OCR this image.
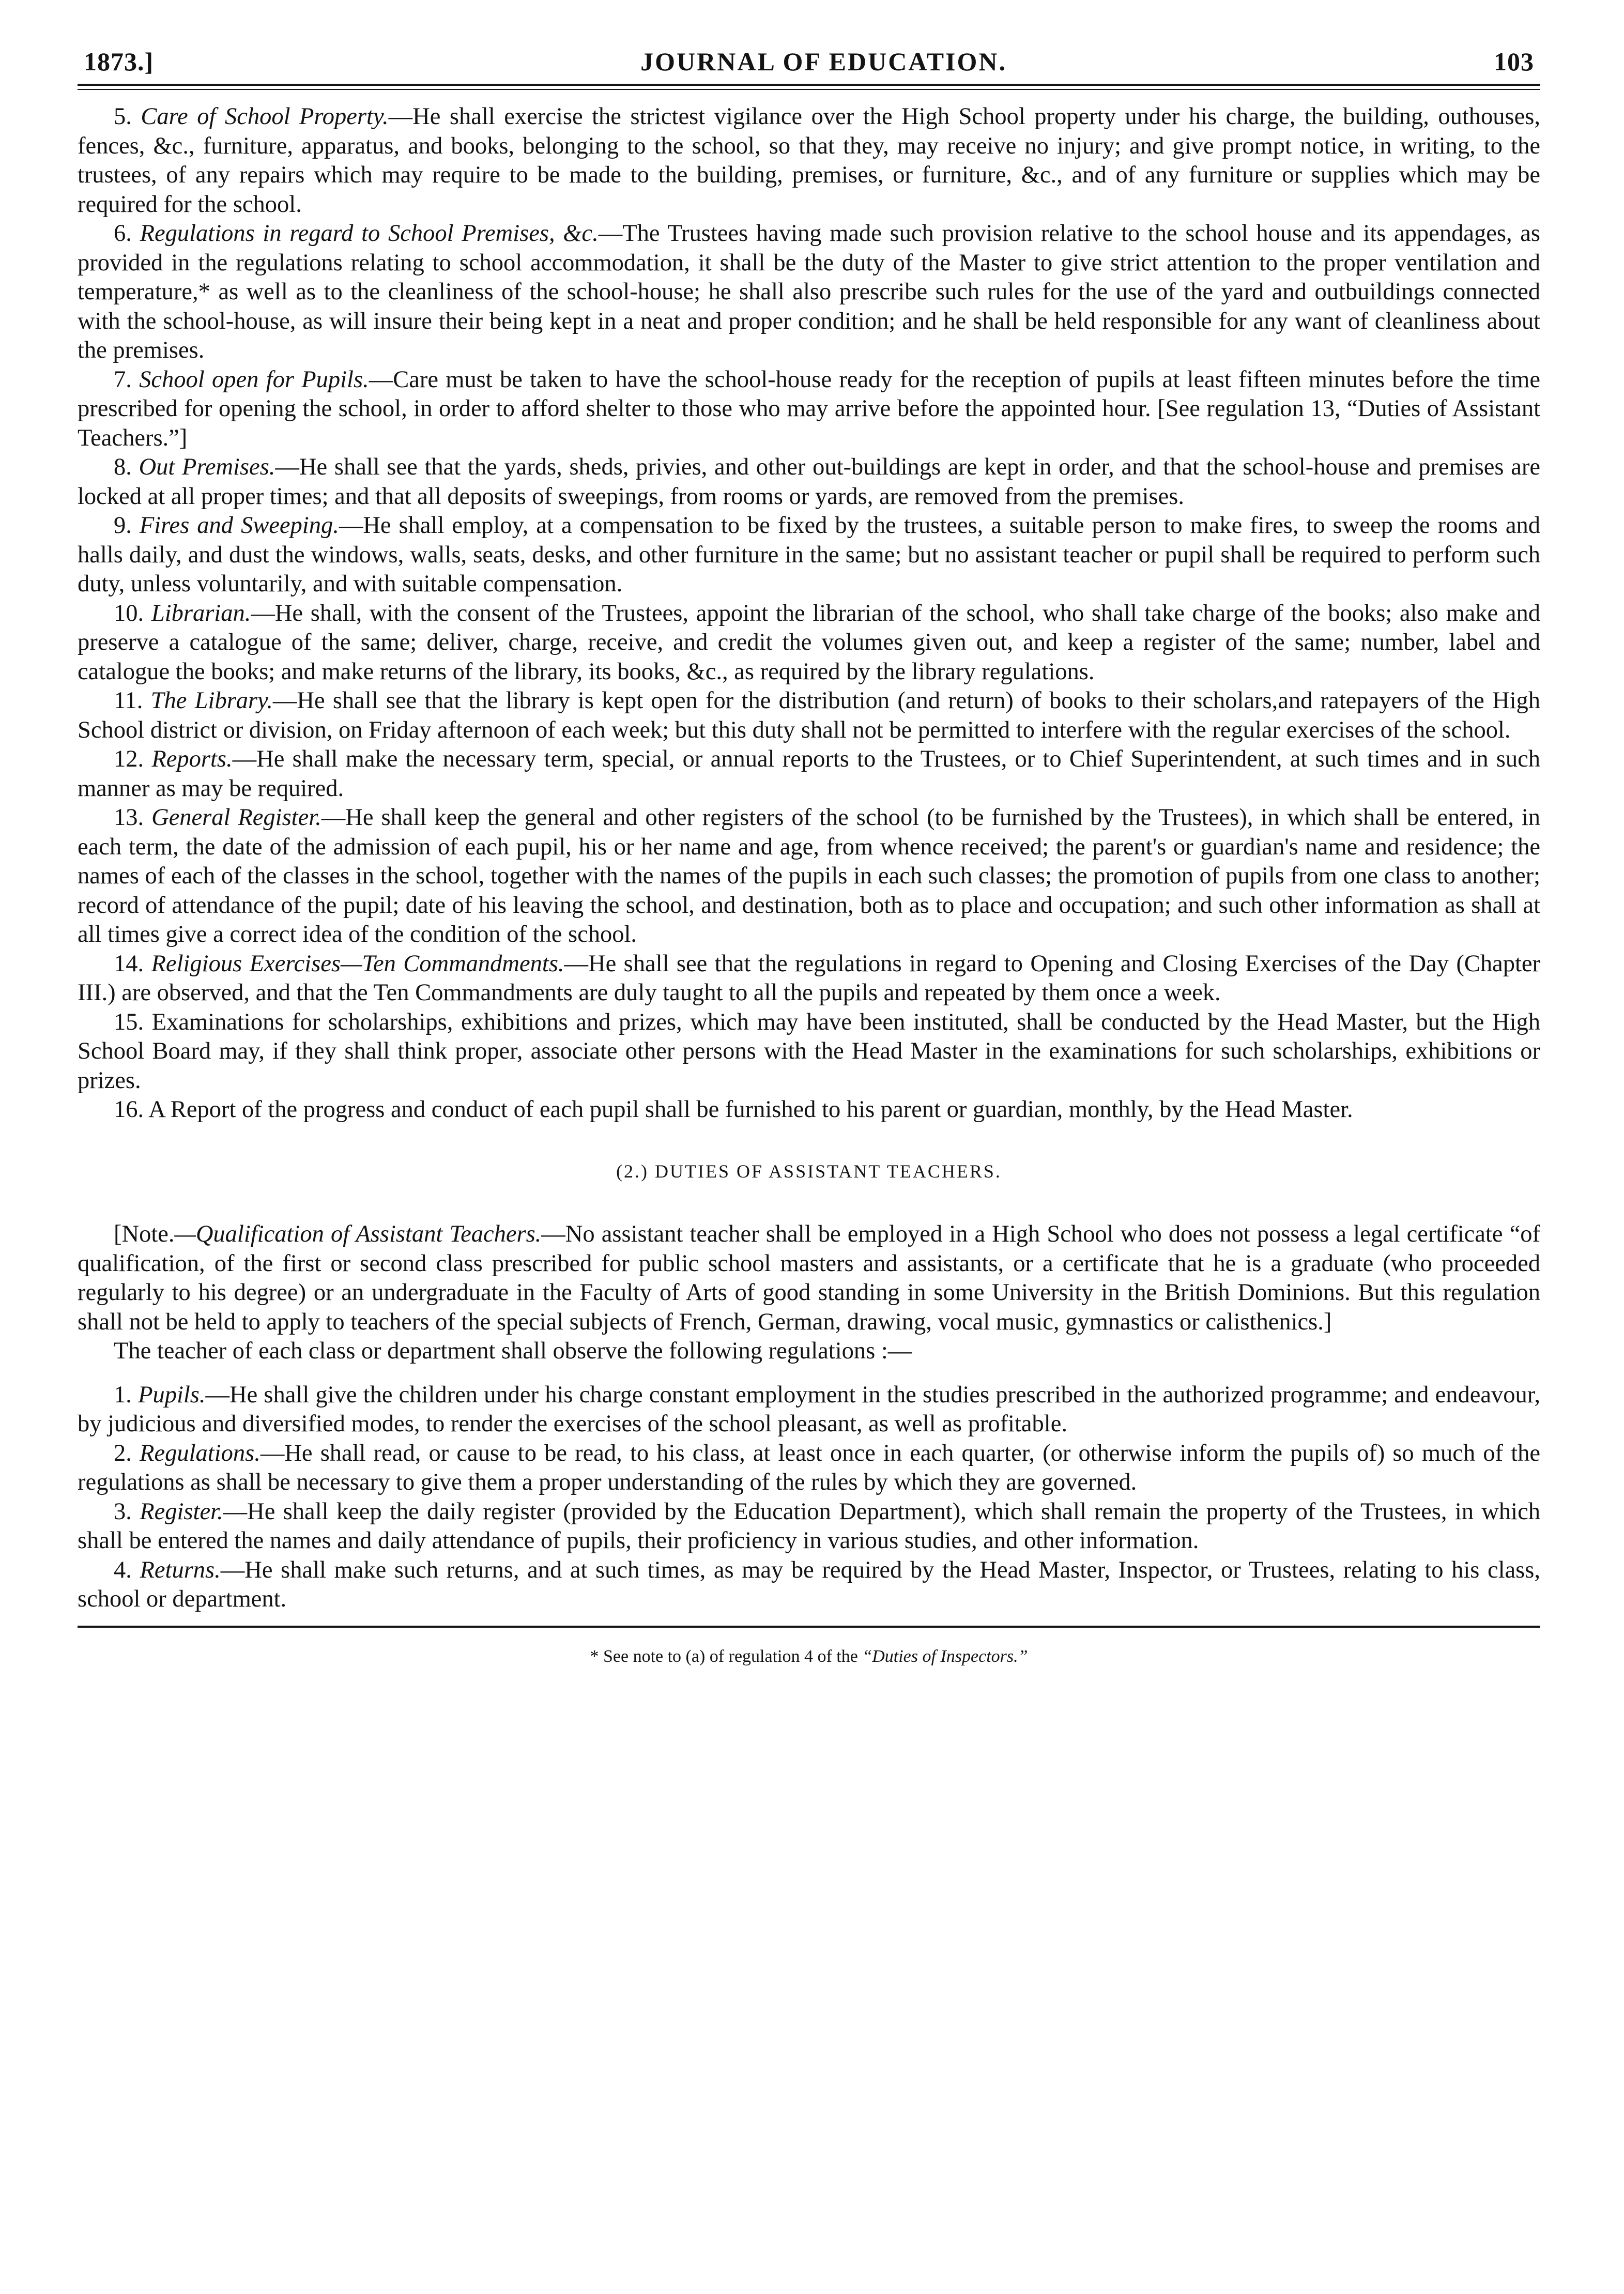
1873.]	JOURNAL OF EDUCATION.	103

5. Care of School Property.—He shall exercise the strictest vigilance over the High School property under his charge, the building, outhouses, fences, &c., furniture, apparatus, and books, belonging to the school, so that they, may receive no injury; and give prompt notice, in writing, to the trustees, of any repairs which may require to be made to the building, premises, or furniture, &c., and of any furniture or supplies which may be required for the school.

6. Regulations in regard to School Premises, &c.—The Trustees having made such provision relative to the school house and its appendages, as provided in the regulations relating to school accommodation, it shall be the duty of the Master to give strict attention to the proper ventilation and temperature,* as well as to the cleanliness of the school-house; he shall also prescribe such rules for the use of the yard and outbuildings connected with the school-house, as will insure their being kept in a neat and proper condition; and he shall be held responsible for any want of cleanliness about the premises.

7. School open for Pupils.—Care must be taken to have the school-house ready for the reception of pupils at least fifteen minutes before the time prescribed for opening the school, in order to afford shelter to those who may arrive before the appointed hour. [See regulation 13, “Duties of Assistant Teachers.”]

8. Out Premises.—He shall see that the yards, sheds, privies, and other out-buildings are kept in order, and that the school-house and premises are locked at all proper times; and that all deposits of sweepings, from rooms or yards, are removed from the premises.

9. Fires and Sweeping.—He shall employ, at a compensation to be fixed by the trustees, a suitable person to make fires, to sweep the rooms and halls daily, and dust the windows, walls, seats, desks, and other furniture in the same; but no assistant teacher or pupil shall be required to perform such duty, unless voluntarily, and with suitable compensation.

10. Librarian.—He shall, with the consent of the Trustees, appoint the librarian of the school, who shall take charge of the books; also make and preserve a catalogue of the same; deliver, charge, receive, and credit the volumes given out, and keep a register of the same; number, label and catalogue the books; and make returns of the library, its books, &c., as required by the library regulations.

11. The Library.—He shall see that the library is kept open for the distribution (and return) of books to their scholars,and ratepayers of the High School district or division, on Friday afternoon of each week; but this duty shall not be permitted to interfere with the regular exercises of the school.

12. Reports.—He shall make the necessary term, special, or annual reports to the Trustees, or to Chief Superintendent, at such times and in such manner as may be required.

13. General Register.—He shall keep the general and other registers of the school (to be furnished by the Trustees), in which shall be entered, in each term, the date of the admission of each pupil, his or her name and age, from whence received; the parent's or guardian's name and residence; the names of each of the classes in the school, together with the names of the pupils in each such classes; the promotion of pupils from one class to another; record of attendance of the pupil; date of his leaving the school, and destination, both as to place and occupation; and such other information as shall at all times give a correct idea of the condition of the school.

14. Religious Exercises—Ten Commandments.—He shall see that the regulations in regard to Opening and Closing Exercises of the Day (Chapter III.) are observed, and that the Ten Commandments are duly taught to all the pupils and repeated by them once a week.

15. Examinations for scholarships, exhibitions and prizes, which may have been instituted, shall be conducted by the Head Master, but the High School Board may, if they shall think proper, associate other persons with the Head Master in the examinations for such scholarships, exhibitions or prizes.

16. A Report of the progress and conduct of each pupil shall be furnished to his parent or guardian, monthly, by the Head Master.

(2.) DUTIES OF ASSISTANT TEACHERS.

[Note.—Qualification of Assistant Teachers.—No assistant teacher shall be employed in a High School who does not possess a legal certificate “of qualification, of the first or second class prescribed for public school masters and assistants, or a certificate that he is a graduate (who proceeded regularly to his degree) or an undergraduate in the Faculty of Arts of good standing in some University in the British Dominions. But this regulation shall not be held to apply to teachers of the special subjects of French, German, drawing, vocal music, gymnastics or calisthenics.]

The teacher of each class or department shall observe the following regulations :—

1. Pupils.—He shall give the children under his charge constant employment in the studies prescribed in the authorized programme; and endeavour, by judicious and diversified modes, to render the exercises of the school pleasant, as well as profitable.

2. Regulations.—He shall read, or cause to be read, to his class, at least once in each quarter, (or otherwise inform the pupils of) so much of the regulations as shall be necessary to give them a proper understanding of the rules by which they are governed.

3. Register.—He shall keep the daily register (provided by the Education Department), which shall remain the property of the Trustees, in which shall be entered the names and daily attendance of pupils, their proficiency in various studies, and other information.

4. Returns.—He shall make such returns, and at such times, as may be required by the Head Master, Inspector, or Trustees, relating to his class, school or department.

* See note to (a) of regulation 4 of the “Duties of Inspectors.”
